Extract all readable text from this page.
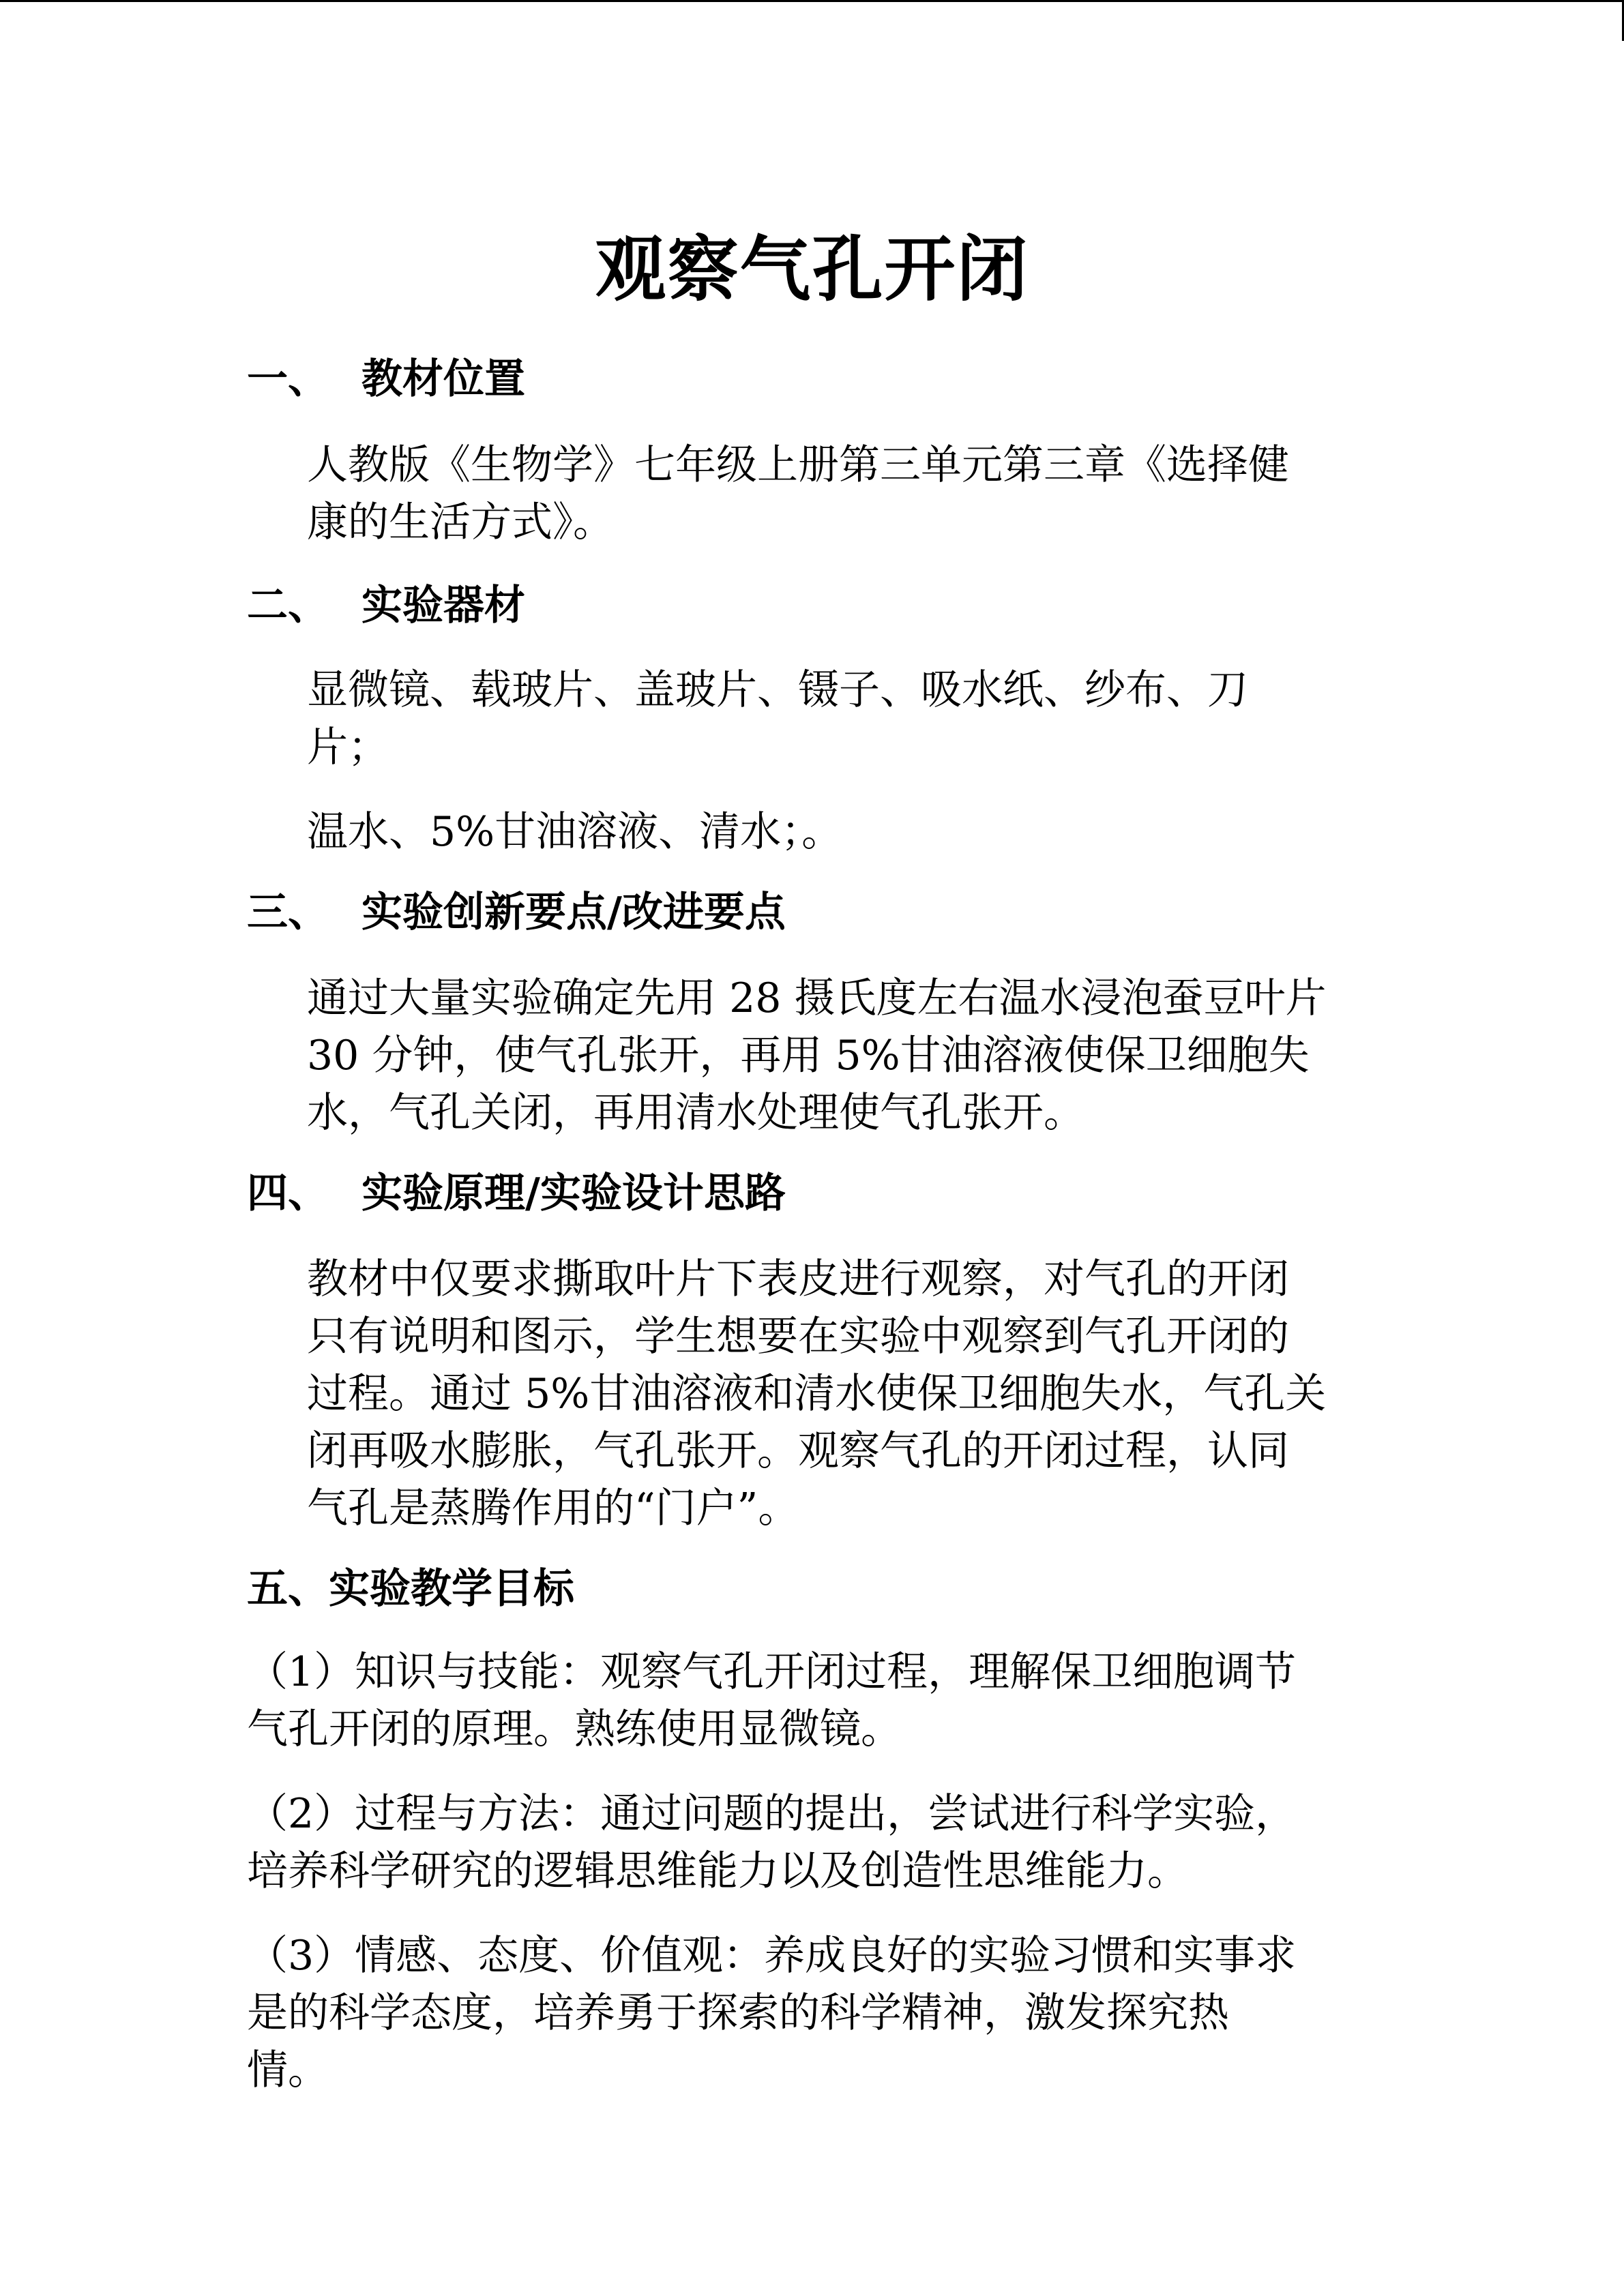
观察气孔开闭
一、 教材位置
人教版《生物学》七年级上册第三单元第三章《选择健
康的生活方式》。
二、 实验器材
显微镜、载玻片、盖玻片、镊子、吸水纸、纱布、刀
片；
温水、5%甘油溶液、清水；。
三、 实验创新要点/改进要点
通过大量实验确定先用 28 摄氏度左右温水浸泡蚕豆叶片
30 分钟，使气孔张开，再用 5%甘油溶液使保卫细胞失
水，气孔关闭，再用清水处理使气孔张开。
四、 实验原理/实验设计思路
教材中仅要求撕取叶片下表皮进行观察，对气孔的开闭
只有说明和图示，学生想要在实验中观察到气孔开闭的
过程。通过 5%甘油溶液和清水使保卫细胞失水，气孔关
闭再吸水膨胀，气孔张开。观察气孔的开闭过程，认同
气孔是蒸腾作用的“门户”。
五、实验教学目标
（1）知识与技能：观察气孔开闭过程，理解保卫细胞调节
气孔开闭的原理。熟练使用显微镜。
（2）过程与方法：通过问题的提出，尝试进行科学实验，
培养科学研究的逻辑思维能力以及创造性思维能力。
（3）情感、态度、价值观：养成良好的实验习惯和实事求
是的科学态度，培养勇于探索的科学精神，激发探究热
情。
